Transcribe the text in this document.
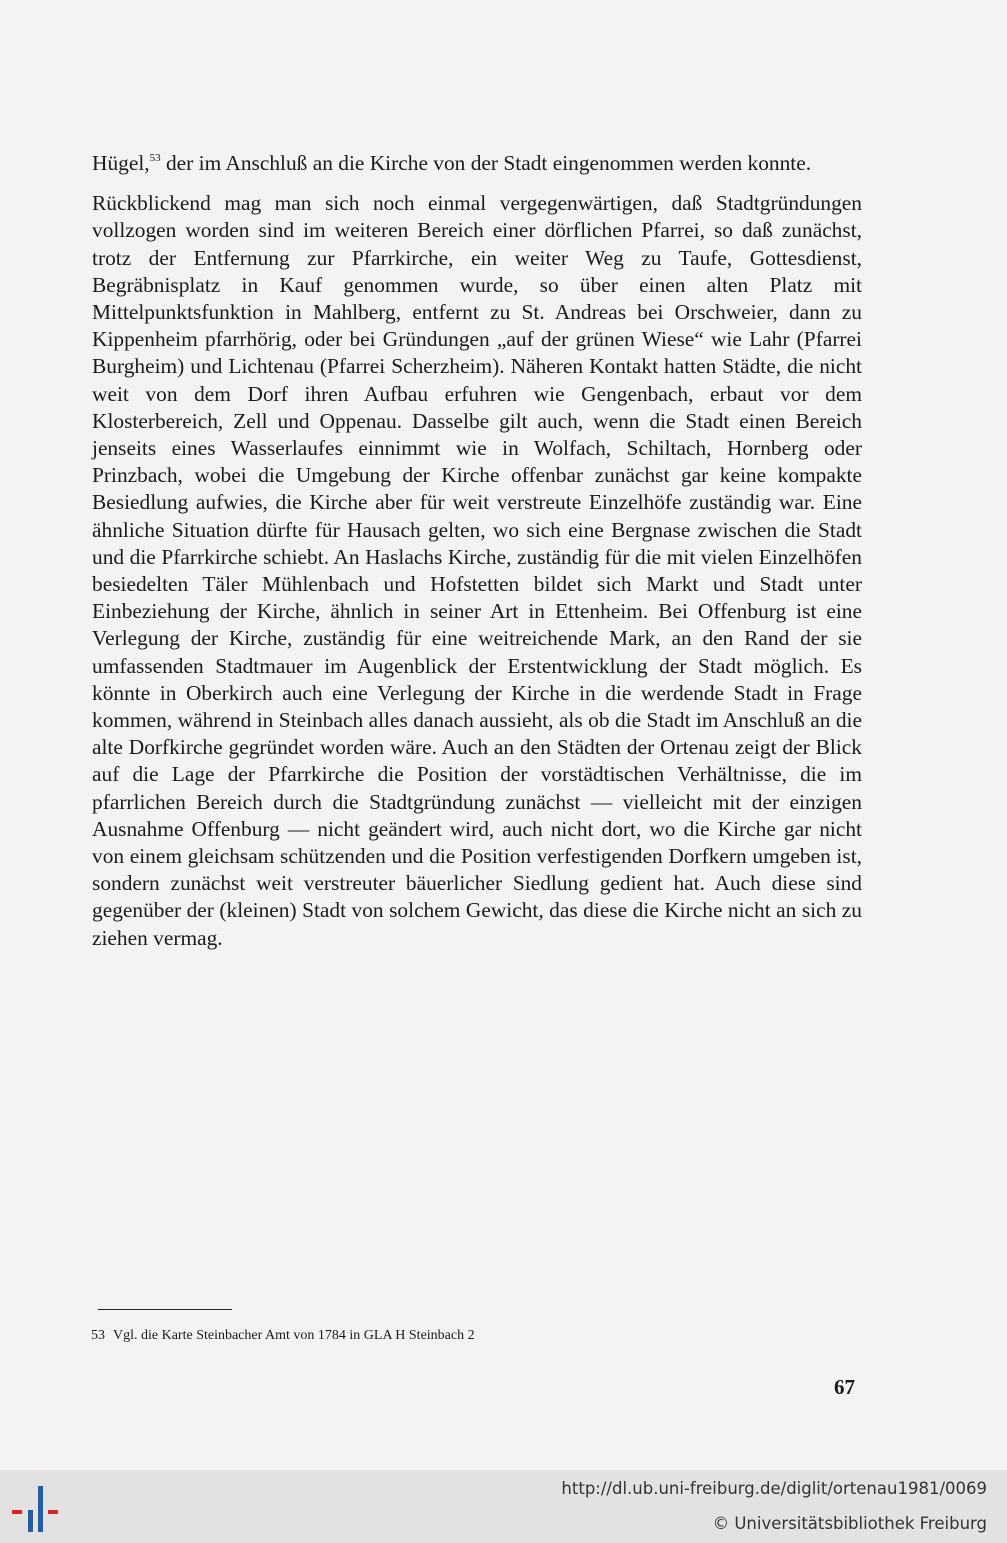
Hügel,$^{53}$ der im Anschluß an die Kirche von der Stadt eingenommen werden konnte.

Rückblickend mag man sich noch einmal vergegenwärtigen, daß Stadtgründungen vollzogen worden sind im weiteren Bereich einer dörflichen Pfarrei, so daß zunächst, trotz der Entfernung zur Pfarrkirche, ein weiter Weg zu Taufe, Gottesdienst, Begräbnisplatz in Kauf genommen wurde, so über einen alten Platz mit Mittelpunktsfunktion in Mahlberg, entfernt zu St. Andreas bei Orschweier, dann zu Kippenheim pfarrhörig, oder bei Gründungen „auf der grünen Wiese“ wie Lahr (Pfarrei Burgheim) und Lichtenau (Pfarrei Scherzheim). Näheren Kontakt hatten Städte, die nicht weit von dem Dorf ihren Aufbau erfuhren wie Gengenbach, erbaut vor dem Klosterbereich, Zell und Oppenau. Dasselbe gilt auch, wenn die Stadt einen Bereich jenseits eines Wasserlaufes einnimmt wie in Wolfach, Schiltach, Hornberg oder Prinzbach, wobei die Umgebung der Kirche offenbar zunächst gar keine kompakte Besiedlung aufwies, die Kirche aber für weit verstreute Einzelhöfe zuständig war. Eine ähnliche Situation dürfte für Hausach gelten, wo sich eine Bergnase zwischen die Stadt und die Pfarrkirche schiebt. An Haslachs Kirche, zuständig für die mit vielen Einzelhöfen besiedelten Täler Mühlenbach und Hofstetten bildet sich Markt und Stadt unter Einbeziehung der Kirche, ähnlich in seiner Art in Ettenheim. Bei Offenburg ist eine Verlegung der Kirche, zuständig für eine weitreichende Mark, an den Rand der sie umfassenden Stadtmauer im Augenblick der Erstentwicklung der Stadt möglich. Es könnte in Oberkirch auch eine Verlegung der Kirche in die werdende Stadt in Frage kommen, während in Steinbach alles danach aussieht, als ob die Stadt im Anschluß an die alte Dorfkirche gegründet worden wäre. Auch an den Städten der Ortenau zeigt der Blick auf die Lage der Pfarrkirche die Position der vorstädtischen Verhältnisse, die im pfarrlichen Bereich durch die Stadtgründung zunächst — vielleicht mit der einzigen Ausnahme Offenburg — nicht geändert wird, auch nicht dort, wo die Kirche gar nicht von einem gleichsam schützenden und die Position verfestigenden Dorfkern umgeben ist, sondern zunächst weit verstreuter bäuerlicher Siedlung gedient hat. Auch diese sind gegenüber der (kleinen) Stadt von solchem Gewicht, das diese die Kirche nicht an sich zu ziehen vermag.

53 Vgl. die Karte Steinbacher Amt von 1784 in GLA H Steinbach 2
67
http://dl.ub.uni-freiburg.de/diglit/ortenau1981/0069
© Universitätsbibliothek Freiburg
